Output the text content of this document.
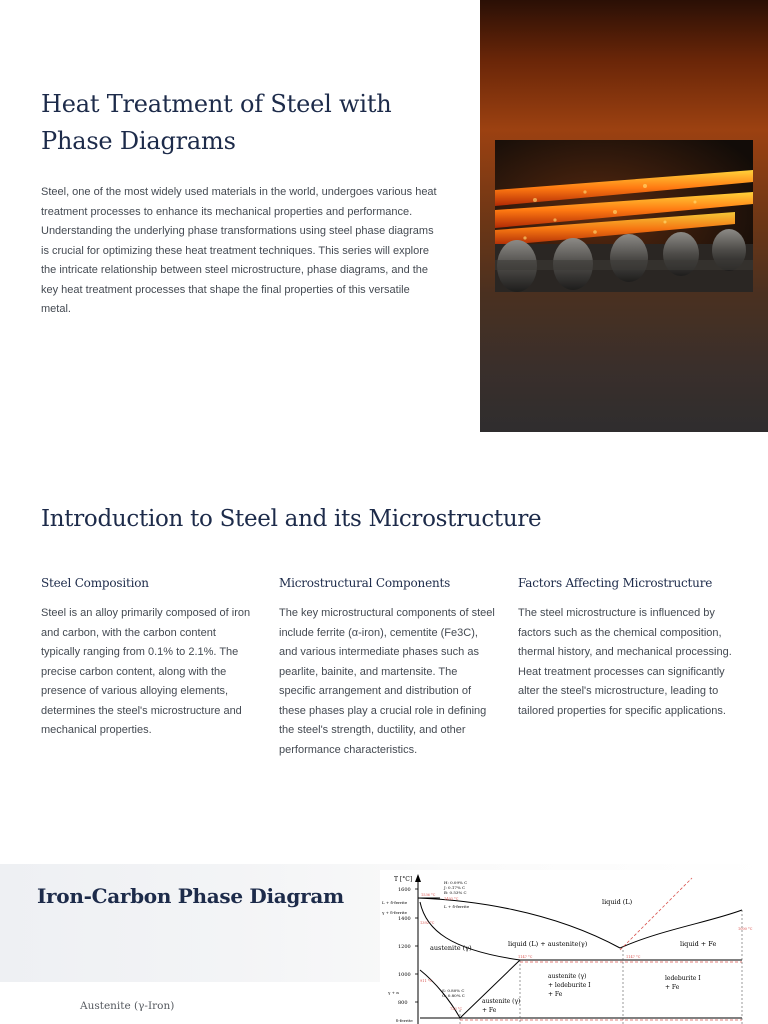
Heat Treatment of Steel with
Phase Diagrams

Steel, one of the most widely used materials in the world, undergoes various heat treatment processes to enhance its mechanical properties and performance. Understanding the underlying phase transformations using steel phase diagrams is crucial for optimizing these heat treatment techniques. This series will explore the intricate relationship between steel microstructure, phase diagrams, and the key heat treatment processes that shape the final properties of this versatile metal.

Introduction to Steel and its Microstructure
Steel Composition

Steel is an alloy primarily composed of iron and carbon, with the carbon content typically ranging from 0.1% to 2.1%. The precise carbon content, along with the presence of various alloying elements, determines the steel's microstructure and mechanical properties.

Microstructural Components

The key microstructural components of steel include ferrite (α-iron), cementite (Fe3C), and various intermediate phases such as pearlite, bainite, and martensite. The specific arrangement and distribution of these phases play a crucial role in defining the steel's strength, ductility, and other performance characteristics.

Factors Affecting Microstructure

The steel microstructure is influenced by factors such as the chemical composition, thermal history, and mechanical processing. Heat treatment processes can significantly alter the steel's microstructure, leading to tailored properties for specific applications.

Iron-Carbon Phase Diagram
Austenite (γ-Iron)
T [°C]
1600
1400
1200
1000
800
liquid (L)
austenite (γ)	liquid (L) + austenite(γ)	liquid + Fe
austenite (γ)
+ ledeburite I
+ Fe
ledeburite I
+ Fe
austenite (γ)
+ Fe
L + δ-ferrite
γ + δ-ferrite
γ + α
L + δ-ferrite
H: 0.09% C
J: 0.17% C
B: 0.53% C
S: 0.80% C
G: 0.80% C
δ-ferrite
1536 °C
1493 °C
1392 °C
1147 °C	1147 °C
1000 °C
911 °C
723 °C
